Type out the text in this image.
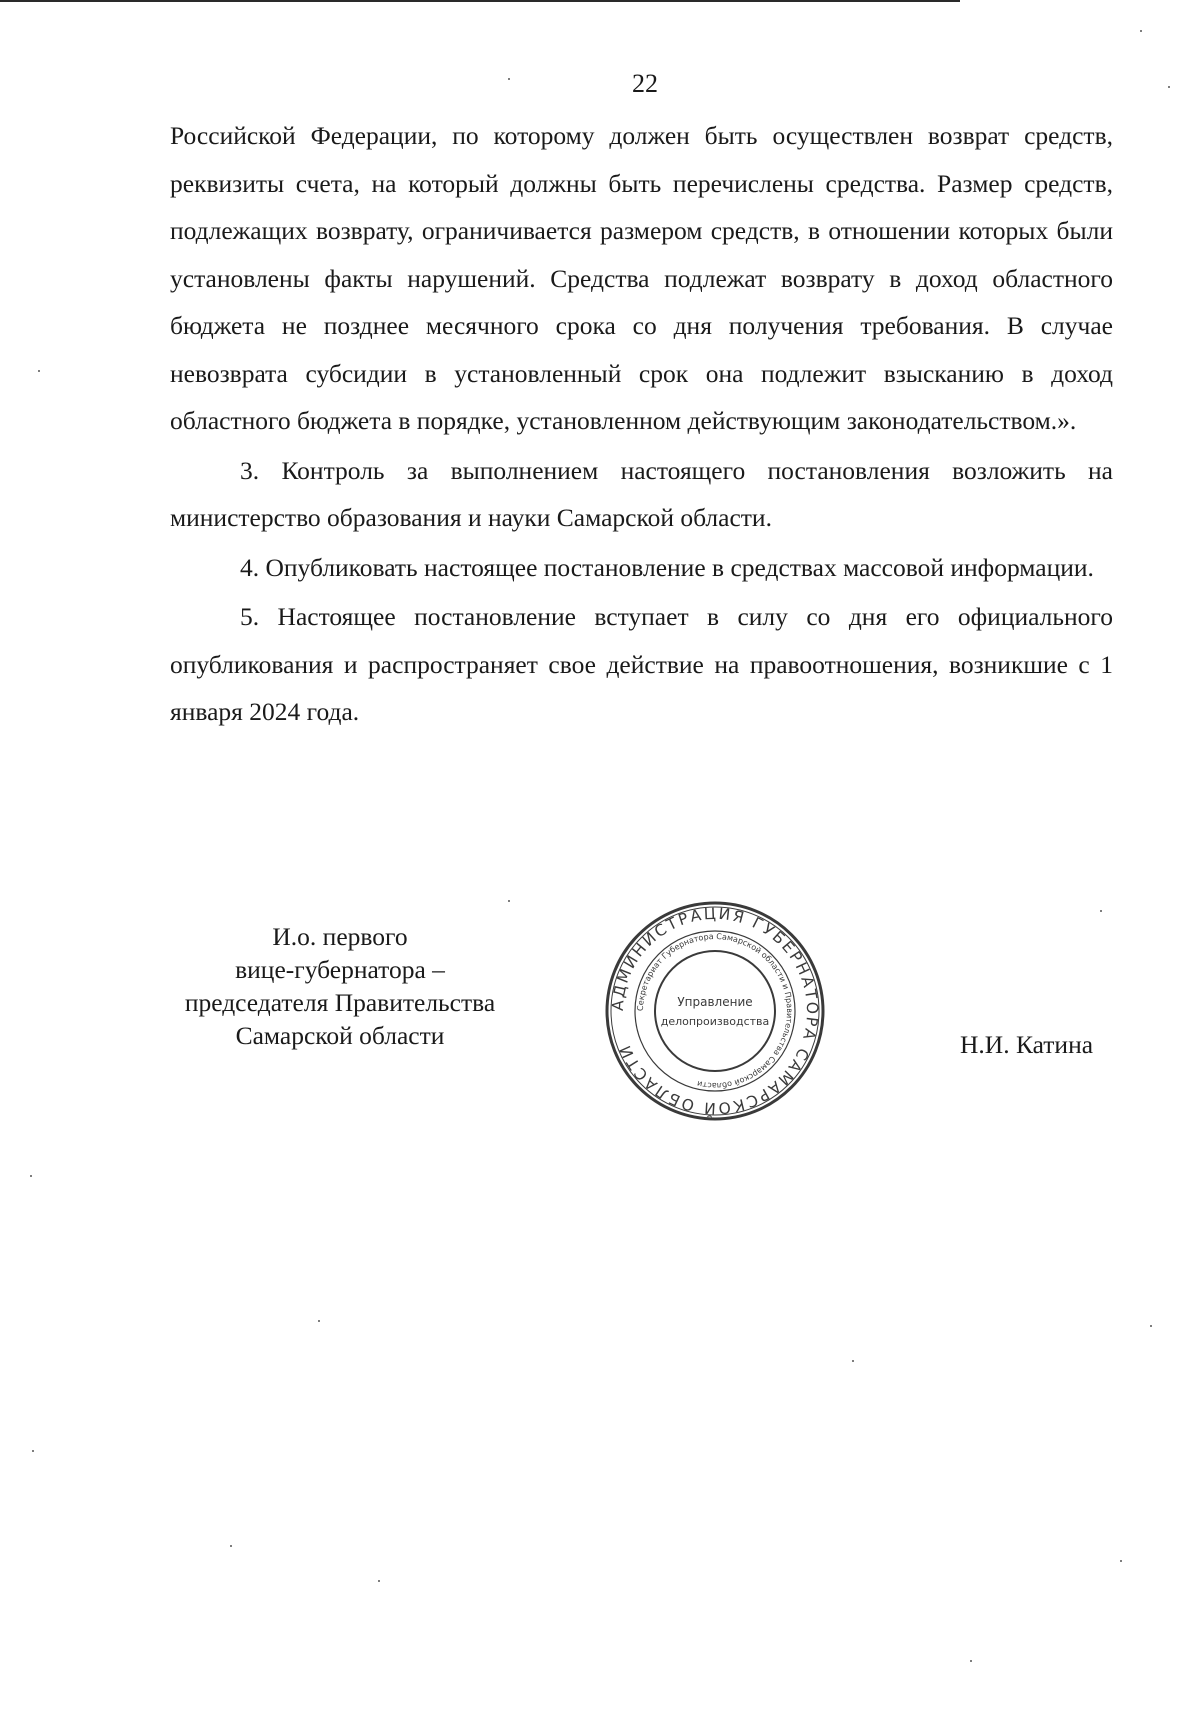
22

Российской Федерации, по которому должен быть осуществлен возврат средств, реквизиты счета, на который должны быть перечислены средства. Размер средств, подлежащих возврату, ограничивается размером средств, в отношении которых были установлены факты нарушений. Средства подлежат возврату в доход областного бюджета не позднее месячного срока со дня получения требования. В случае невозврата субсидии в установленный срок она подлежит взысканию в доход областного бюджета в порядке, установленном действующим законодательством.».

3. Контроль за выполнением настоящего постановления возложить на министерство образования и науки Самарской области.

4. Опубликовать настоящее постановление в средствах массовой информации.

5. Настоящее постановление вступает в силу со дня его официального опубликования и распространяет свое действие на правоотношения, возникшие с 1 января 2024 года.

И.о. первого
вице-губернатора –
председателя Правительства
Самарской области
АДМИНИСТРАЦИЯ ГУБЕРНАТОРА САМАРСКОЙ ОБЛАСТИ
Секретариат Губернатора Самарской области и Правительства Самарской области
Управление
делопроизводства
Н.И. Катина
